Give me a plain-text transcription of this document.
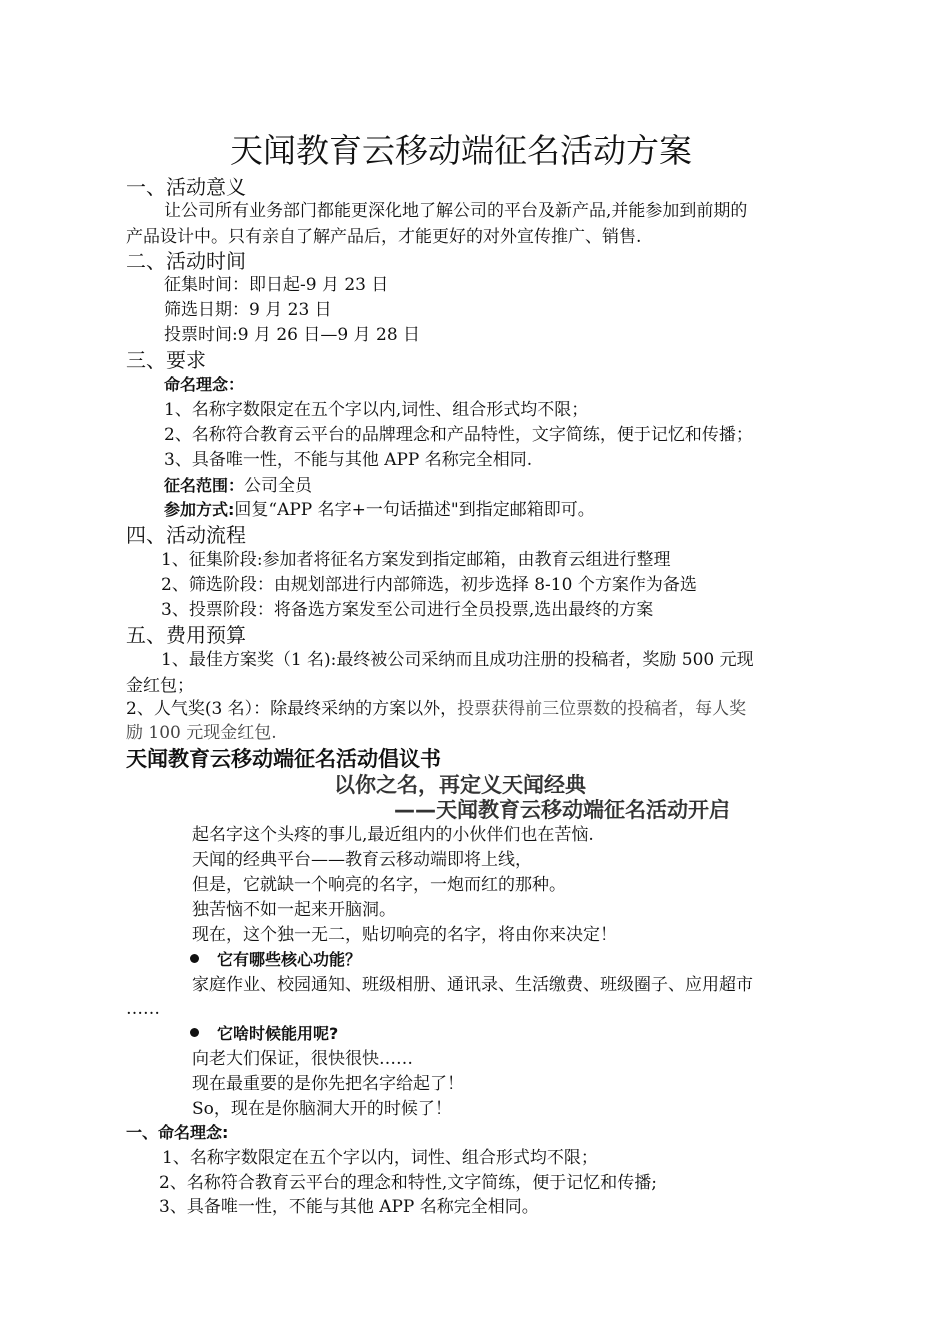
天闻教育云移动端征名活动方案
一、活动意义
让公司所有业务部门都能更深化地了解公司的平台及新产品,并能参加到前期的
产品设计中。只有亲自了解产品后，才能更好的对外宣传推广、销售.
二、活动时间
征集时间：即日起-9 月 23 日
筛选日期：9 月 23 日
投票时间:9 月 26 日—9 月 28 日
三、要求
命名理念：
1、名称字数限定在五个字以内,词性、组合形式均不限；
2、名称符合教育云平台的品牌理念和产品特性，文字简练，便于记忆和传播；
3、具备唯一性，不能与其他 APP 名称完全相同.
征名范围：公司全员
参加方式:回复“APP 名字+一句话描述"到指定邮箱即可。
四、活动流程
1、征集阶段:参加者将征名方案发到指定邮箱，由教育云组进行整理
2、筛选阶段：由规划部进行内部筛选，初步选择 8-10 个方案作为备选
3、投票阶段：将备选方案发至公司进行全员投票,选出最终的方案
五、费用预算
1、最佳方案奖（1 名):最终被公司采纳而且成功注册的投稿者，奖励 500 元现
金红包；
2、人气奖(3 名）：除最终采纳的方案以外，投票获得前三位票数的投稿者，每人奖
励 100 元现金红包.
天闻教育云移动端征名活动倡议书
以你之名，再定义天闻经典
——天闻教育云移动端征名活动开启
起名字这个头疼的事儿,最近组内的小伙伴们也在苦恼.
天闻的经典平台——教育云移动端即将上线，
但是，它就缺一个响亮的名字，一炮而红的那种。
独苦恼不如一起来开脑洞。
现在，这个独一无二，贴切响亮的名字，将由你来决定！
它有哪些核心功能？
家庭作业、校园通知、班级相册、通讯录、生活缴费、班级圈子、应用超市
……
它啥时候能用呢?
向老大们保证，很快很快……
现在最重要的是你先把名字给起了！
So，现在是你脑洞大开的时候了！
一、命名理念:
1、名称字数限定在五个字以内，词性、组合形式均不限；
2、名称符合教育云平台的理念和特性,文字简练，便于记忆和传播;
3、具备唯一性，不能与其他 APP 名称完全相同。
